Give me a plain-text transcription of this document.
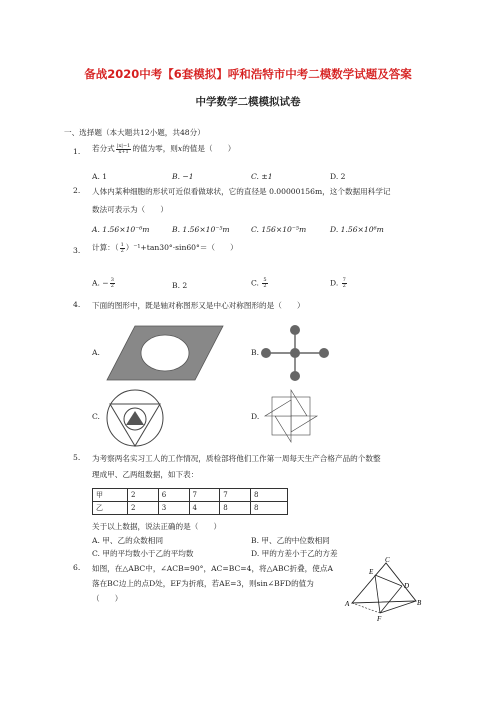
备战2020中考【6套模拟】呼和浩特市中考二模数学试题及答案
中学数学二模模拟试卷
一、选择题（本大题共12小题，共48分）
1. 若分式 $\frac{|x|-1}{x+1}$ 的值为零，则x的值是（　　）
A. 1	B. −1	C. ±1	D. 2
2. 人体内某种细胞的形状可近似看做球状，它的直径是 0.00000156m，这个数据用科学记
数法可表示为（　　）
A. 1.56×10⁻⁶m	B. 1.56×10⁻⁵m	C. 156×10⁻⁵m	D. 1.56×10⁶m
3. 计算：（ $\frac{1}{2} )^{-1}+\tan 30^\circ\cdot\sin 60^\circ=$（　　）
A. − $\frac{3}{2}$	B. 2	C. $\frac{5}{2}$	D. $\frac{7}{2}$
4. 下面的图形中，既是轴对称图形又是中心对称图形的是（　　）
A.	B.
C.	D.
5. 为考察两名实习工人的工作情况，质检部将他们工作第一周每天生产合格产品的个数整
理成甲、乙两组数据，如下表：
甲	2	6	7	7	8
乙	2	3	4	8	8
关于以上数据，说法正确的是（　　）
A. 甲、乙的众数相同	B. 甲、乙的中位数相同
C. 甲的平均数小于乙的平均数	D. 甲的方差小于乙的方差
6. 如图，在△ABC中，∠ACB=90°，AC=BC=4，将△ABC折叠，使点A
落在BC边上的点D处，EF为折痕，若AE=3，则sin∠BFD的值为
（　　）
C
E
D
A
F
B
